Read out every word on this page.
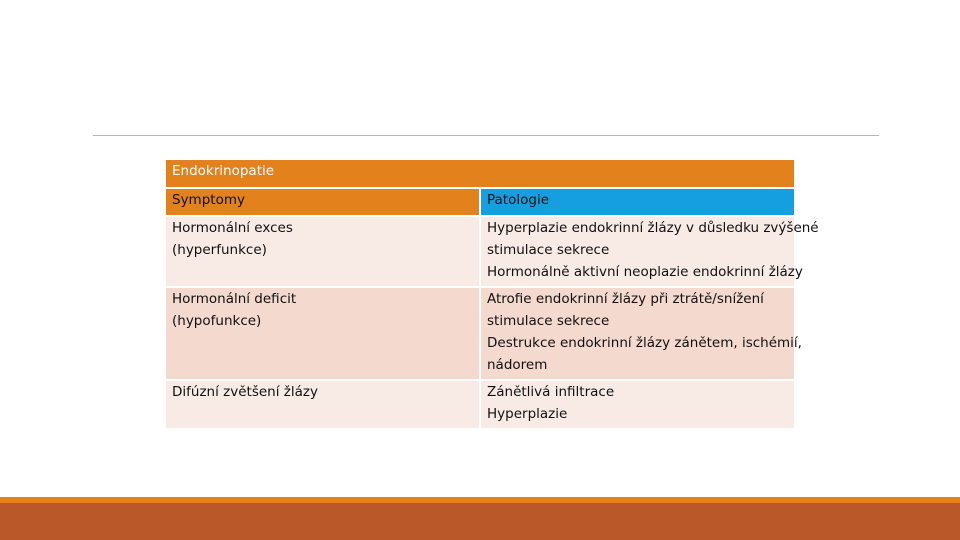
Endokrinopatie	
Symptomy	Patologie

Hormonální exces
(hyperfunkce)	Hyperplazie endokrinní žlázy v důsledku zvýšené
stimulace sekrece
Hormonálně aktivní neoplazie endokrinní žlázy

Hormonální deficit
(hypofunkce)	Atrofie endokrinní žlázy při ztrátě/snížení
stimulace sekrece
Destrukce endokrinní žlázy zánětem, ischémií,
nádorem

Difúzní zvětšení žlázy	Zánětlivá infiltrace
Hyperplazie
